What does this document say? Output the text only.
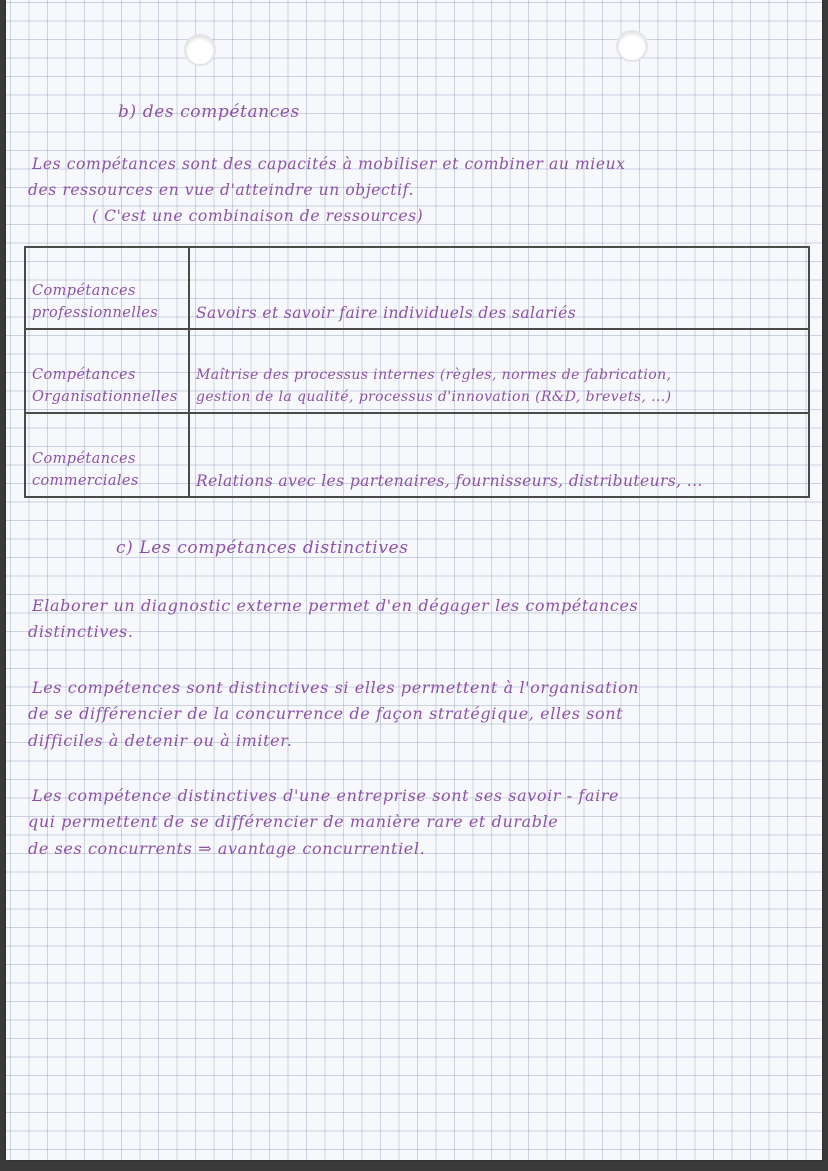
b) des compétances

Les compétances sont des capacités à mobiliser et combiner au mieux

des ressources en vue d'atteindre un objectif.

( C'est une combinaison de ressources)

Compétances
professionnelles	Savoirs et savoir faire individuels des salariés

Compétances
Organisationnelles	Maîtrise des processus internes (règles, normes de fabrication,
gestion de la qualité, processus d'innovation (R&D, brevets, ...)

Compétances
commerciales	Relations avec les partenaires, fournisseurs, distributeurs, ...

c) Les compétances distinctives

Elaborer un diagnostic externe permet d'en dégager les compétances

distinctives.

Les compétences sont distinctives si elles permettent à l'organisation

de se différencier de la concurrence de façon stratégique, elles sont

difficiles à detenir ou à imiter.

Les compétence distinctives d'une entreprise sont ses savoir - faire

qui permettent de se différencier de manière rare et durable

de ses concurrents ⇒ avantage concurrentiel.
